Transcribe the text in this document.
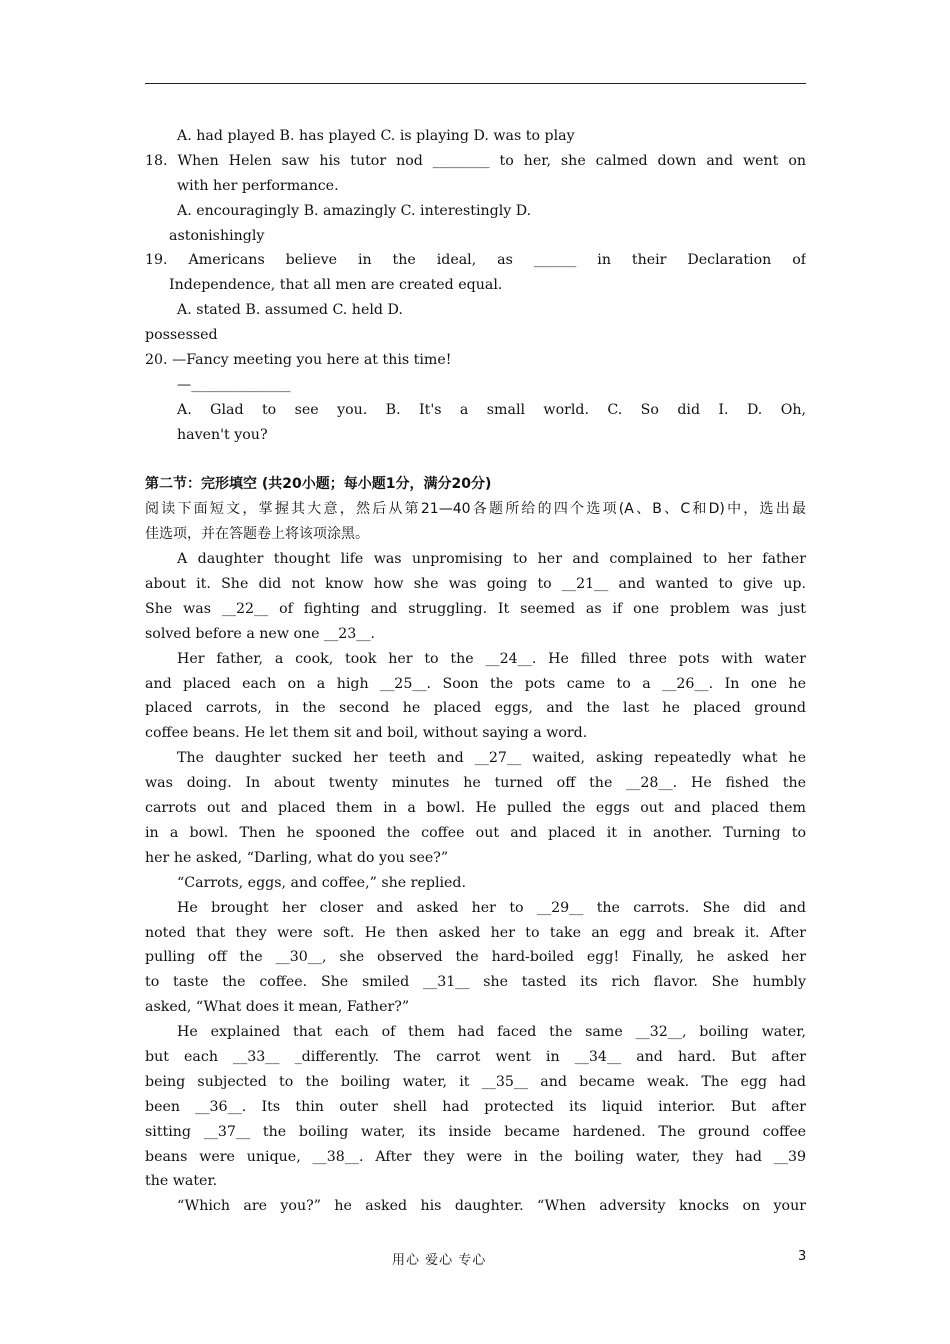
A. had played B. has played C. is playing D. was to play
18. When Helen saw his tutor nod ________ to her, she calmed down and went on
with her performance.
A. encouragingly B. amazingly C. interestingly D.
astonishingly
19. Americans believe in the ideal, as ______ in their Declaration of
Independence, that all men are created equal.
A. stated B. assumed C. held D.
possessed
20. —Fancy meeting you here at this time!
—______________
A. Glad to see you. B. It's a small world. C. So did I. D. Oh,
haven't you?
第二节：完形填空 (共20小题；每小题1分，满分20分)
阅读下面短文，掌握其大意，然后从第21—40各题所给的四个选项(A、B、C和D)中，选出最
佳选项，并在答题卷上将该项涂黑。
A daughter thought life was unpromising to her and complained to her father
about it. She did not know how she was going to __21__ and wanted to give up.
She was __22__ of fighting and struggling. It seemed as if one problem was just
solved before a new one __23__.
Her father, a cook, took her to the __24__. He filled three pots with water
and placed each on a high __25__. Soon the pots came to a __26__. In one he
placed carrots, in the second he placed eggs, and the last he placed ground
coffee beans. He let them sit and boil, without saying a word.
The daughter sucked her teeth and __27__ waited, asking repeatedly what he
was doing. In about twenty minutes he turned off the __28__. He fished the
carrots out and placed them in a bowl. He pulled the eggs out and placed them
in a bowl. Then he spooned the coffee out and placed it in another. Turning to
her he asked, “Darling, what do you see?”
“Carrots, eggs, and coffee,” she replied.
He brought her closer and asked her to __29__ the carrots. She did and
noted that they were soft. He then asked her to take an egg and break it. After
pulling off the __30__, she observed the hard-boiled egg! Finally, he asked her
to taste the coffee. She smiled __31__ she tasted its rich flavor. She humbly
asked, “What does it mean, Father?”
He explained that each of them had faced the same __32__, boiling water,
but each __33__ _differently. The carrot went in __34__ and hard. But after
being subjected to the boiling water, it __35__ and became weak. The egg had
been __36__. Its thin outer shell had protected its liquid interior. But after
sitting __37__ the boiling water, its inside became hardened. The ground coffee
beans were unique, __38__. After they were in the boiling water, they had __39
the water.
“Which are you?” he asked his daughter. “When adversity knocks on your
用心 爱心 专心	3
